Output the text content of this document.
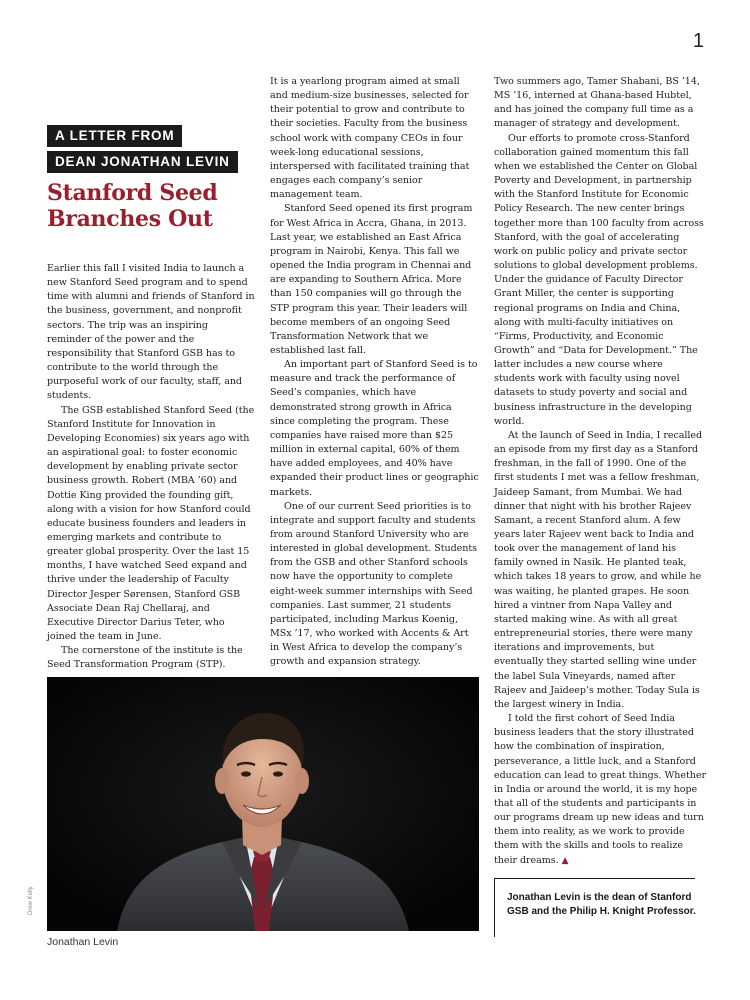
1
A LETTER FROM
DEAN JONATHAN LEVIN
Stanford Seed Branches Out

Earlier this fall I visited India to launch a new Stanford Seed program and to spend time with alumni and friends of Stanford in the business, government, and nonprofit sectors. The trip was an inspiring reminder of the power and the responsibility that Stanford GSB has to contribute to the world through the purposeful work of our faculty, staff, and students.

The GSB established Stanford Seed (the Stanford Institute for Innovation in Developing Economies) six years ago with an aspirational goal: to foster economic development by enabling private sector business growth. Robert (MBA ’60) and Dottie King provided the founding gift, along with a vision for how Stanford could educate business founders and leaders in emerging markets and contribute to greater global prosperity. Over the last 15 months, I have watched Seed expand and thrive under the leadership of Faculty Director Jesper Sørensen, Stanford GSB Associate Dean Raj Chellaraj, and Executive Director Darius Teter, who joined the team in June.

The cornerstone of the institute is the Seed Transformation Program (STP).

It is a yearlong program aimed at small and medium-size businesses, selected for their potential to grow and contribute to their societies. Faculty from the business school work with company CEOs in four week-long educational sessions, interspersed with facilitated training that engages each company’s senior management team.

Stanford Seed opened its first program for West Africa in Accra, Ghana, in 2013. Last year, we established an East Africa program in Nairobi, Kenya. This fall we opened the India program in Chennai and are expanding to Southern Africa. More than 150 companies will go through the STP program this year. Their leaders will become members of an ongoing Seed Transformation Network that we established last fall.

An important part of Stanford Seed is to measure and track the performance of Seed’s companies, which have demonstrated strong growth in Africa since completing the program. These companies have raised more than $25 million in external capital, 60% of them have added employees, and 40% have expanded their product lines or geographic markets.

One of our current Seed priorities is to integrate and support faculty and students from around Stanford University who are interested in global development. Students from the GSB and other Stanford schools now have the opportunity to complete eight-week summer internships with Seed companies. Last summer, 21 students participated, including Markus Koenig, MSx ’17, who worked with Accents & Art in West Africa to develop the company’s growth and expansion strategy.

Two summers ago, Tamer Shabani, BS ’14, MS ’16, interned at Ghana-based Hubtel, and has joined the company full time as a manager of strategy and development.

Our efforts to promote cross-Stanford collaboration gained momentum this fall when we established the Center on Global Poverty and Development, in partnership with the Stanford Institute for Economic Policy Research. The new center brings together more than 100 faculty from across Stanford, with the goal of accelerating work on public policy and private sector solutions to global development problems. Under the guidance of Faculty Director Grant Miller, the center is supporting regional programs on India and China, along with multi-faculty initiatives on “Firms, Productivity, and Economic Growth” and “Data for Development.” The latter includes a new course where students work with faculty using novel datasets to study poverty and social and business infrastructure in the developing world.

At the launch of Seed in India, I recalled an episode from my first day as a Stanford freshman, in the fall of 1990. One of the first students I met was a fellow freshman, Jaideep Samant, from Mumbai. We had dinner that night with his brother Rajeev Samant, a recent Stanford alum. A few years later Rajeev went back to India and took over the management of land his family owned in Nasik. He planted teak, which takes 18 years to grow, and while he was waiting, he planted grapes. He soon hired a vintner from Napa Valley and started making wine. As with all great entrepreneurial stories, there were many iterations and improvements, but eventually they started selling wine under the label Sula Vineyards, named after Rajeev and Jaideep’s mother. Today Sula is the largest winery in India.

I told the first cohort of Seed India business leaders that the story illustrated how the combination of inspiration, perseverance, a little luck, and a Stanford education can lead to great things. Whether in India or around the world, it is my hope that all of the students and participants in our programs dream up new ideas and turn them into reality, as we work to provide them with the skills and tools to realize their dreams. ▲

Drew Kelly
Jonathan Levin
Jonathan Levin is the dean of Stanford GSB and the Philip H. Knight Professor.
